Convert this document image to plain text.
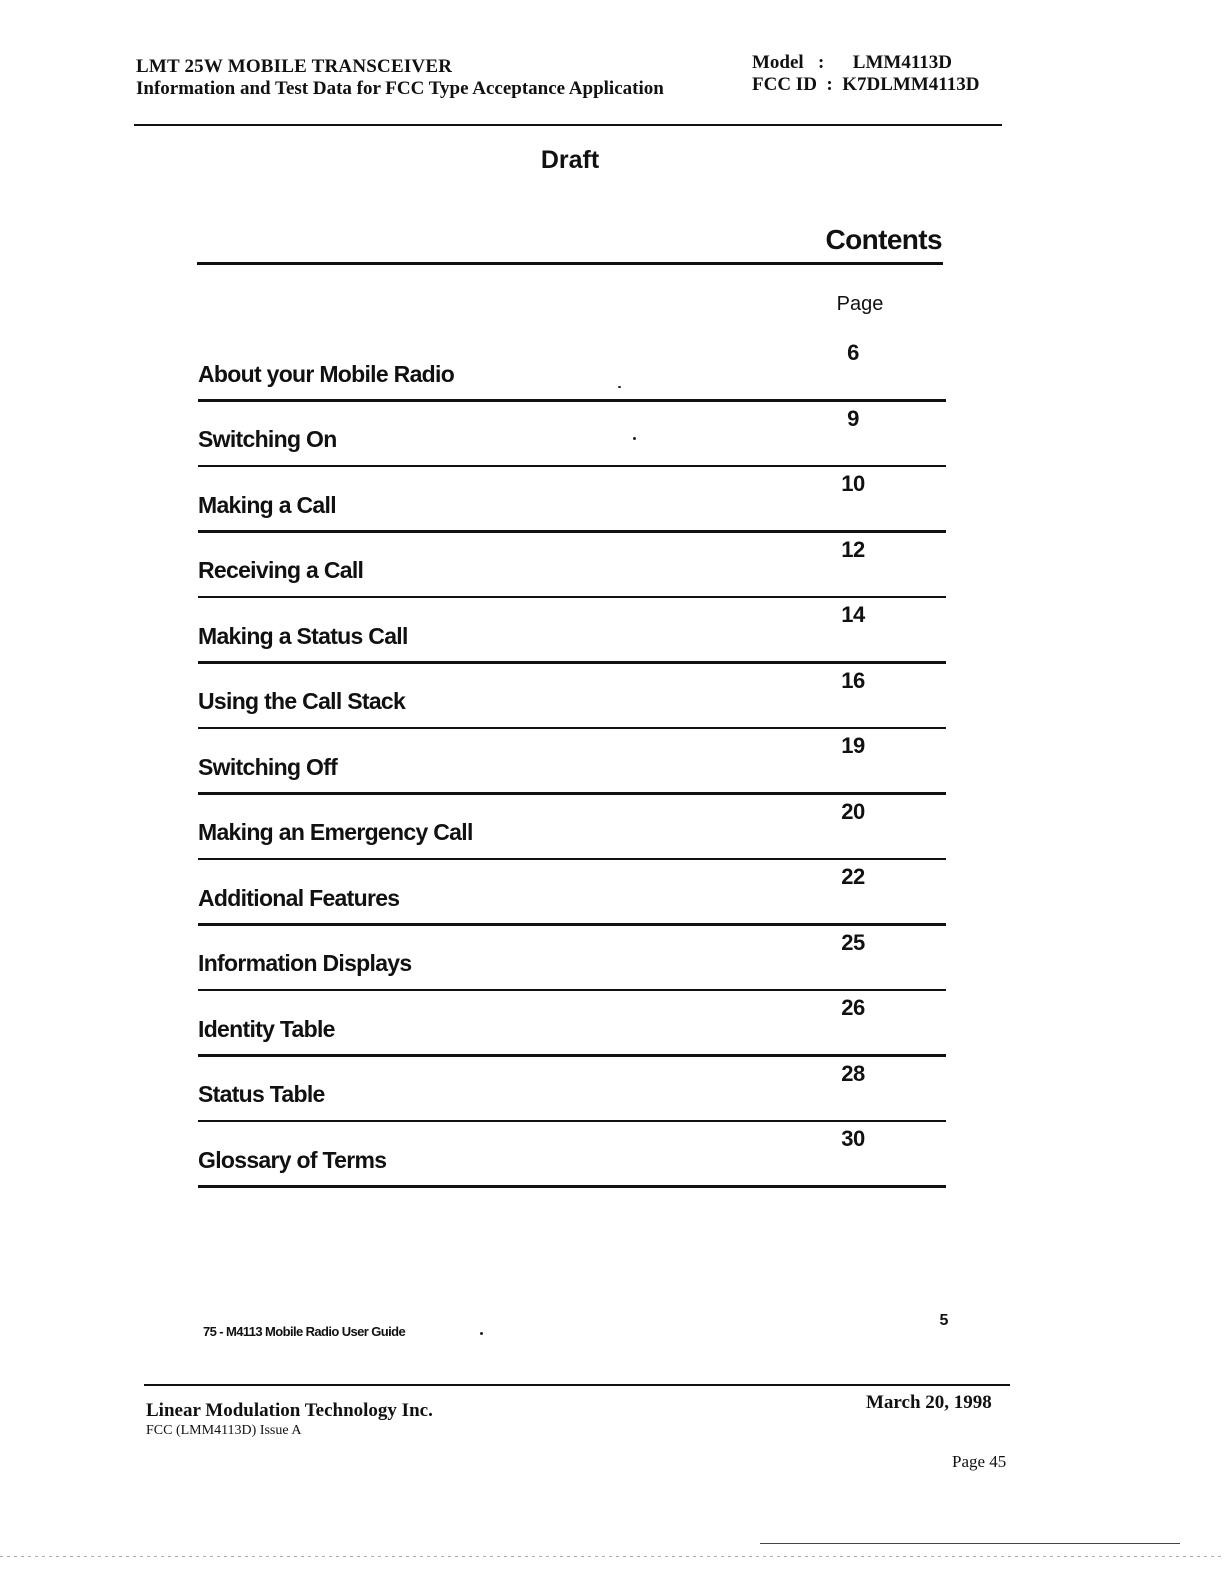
LMT 25W MOBILE TRANSCEIVER
Information and Test Data for FCC Type Acceptance Application
Model   :      LMM4113D
FCC ID  :  K7DLMM4113D
Draft
Contents
Page
About your Mobile Radio
6
Switching On
9
Making a Call
10
Receiving a Call
12
Making a Status Call
14
Using the Call Stack
16
Switching Off
19
Making an Emergency Call
20
Additional Features
22
Information Displays
25
Identity Table
26
Status Table
28
Glossary of Terms
30
75 - M4113 Mobile Radio User Guide
5
Linear Modulation Technology Inc.
FCC (LMM4113D) Issue A
March 20, 1998
Page 45
